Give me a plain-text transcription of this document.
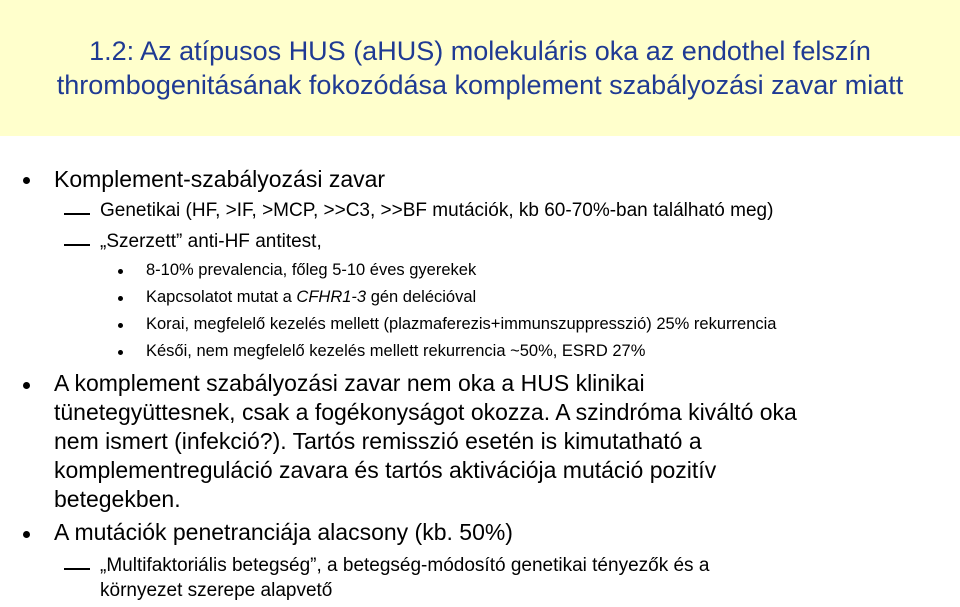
1.2: Az atípusos HUS (aHUS) molekuláris oka az endothel felszín
thrombogenitásának fokozódása komplement szabályozási zavar miatt
Komplement-szabályozási zavar
Genetikai (HF, >IF, >MCP, >>C3, >>BF mutációk, kb 60-70%-ban található meg)
„Szerzett” anti-HF antitest,
8-10% prevalencia, főleg 5-10 éves gyerekek
Kapcsolatot mutat a CFHR1-3 gén delécióval
Korai, megfelelő kezelés mellett (plazmaferezis+immunszuppresszió) 25% rekurrencia
Késői, nem megfelelő kezelés mellett rekurrencia ~50%, ESRD 27%
A komplement szabályozási zavar nem oka a HUS klinikai
tünetegyüttesnek, csak a fogékonyságot okozza. A szindróma kiváltó oka
nem ismert (infekció?). Tartós remisszió esetén is kimutatható a
komplementreguláció zavara és tartós aktivációja mutáció pozitív
betegekben.
A mutációk penetranciája alacsony (kb. 50%)
„Multifaktoriális betegség”, a betegség-módosító genetikai tényezők és a
környezet szerepe alapvető
